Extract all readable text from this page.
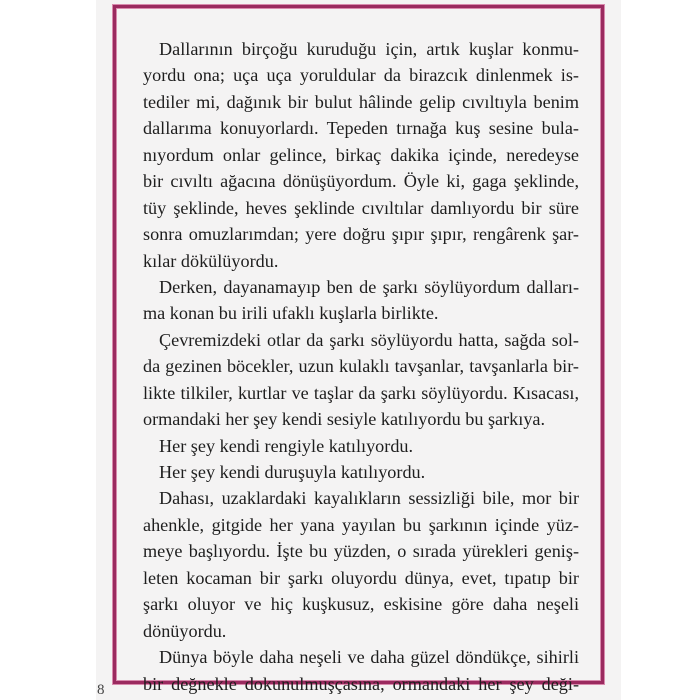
Dallarının birçoğu kuruduğu için, artık kuşlar konmu-
yordu ona; uça uça yoruldular da birazcık dinlenmek is-
tediler mi, dağınık bir bulut hâlinde gelip cıvıltıyla benim
dallarıma konuyorlardı. Tepeden tırnağa kuş sesine bula-
nıyordum onlar gelince, birkaç dakika içinde, neredeyse
bir cıvıltı ağacına dönüşüyordum. Öyle ki, gaga şeklinde,
tüy şeklinde, heves şeklinde cıvıltılar damlıyordu bir süre
sonra omuzlarımdan; yere doğru şıpır şıpır, rengârenk şar-
kılar dökülüyordu.
Derken, dayanamayıp ben de şarkı söylüyordum dalları-
ma konan bu irili ufaklı kuşlarla birlikte.
Çevremizdeki otlar da şarkı söylüyordu hatta, sağda sol-
da gezinen böcekler, uzun kulaklı tavşanlar, tavşanlarla bir-
likte tilkiler, kurtlar ve taşlar da şarkı söylüyordu. Kısacası,
ormandaki her şey kendi sesiyle katılıyordu bu şarkıya.
Her şey kendi rengiyle katılıyordu.
Her şey kendi duruşuyla katılıyordu.
Dahası, uzaklardaki kayalıkların sessizliği bile, mor bir
ahenkle, gitgide her yana yayılan bu şarkının içinde yüz-
meye başlıyordu. İşte bu yüzden, o sırada yürekleri geniş-
leten kocaman bir şarkı oluyordu dünya, evet, tıpatıp bir
şarkı oluyor ve hiç kuşkusuz, eskisine göre daha neşeli
dönüyordu.
Dünya böyle daha neşeli ve daha güzel döndükçe, sihirli
bir değnekle dokunulmuşçasına, ormandaki her şey deği-
8
